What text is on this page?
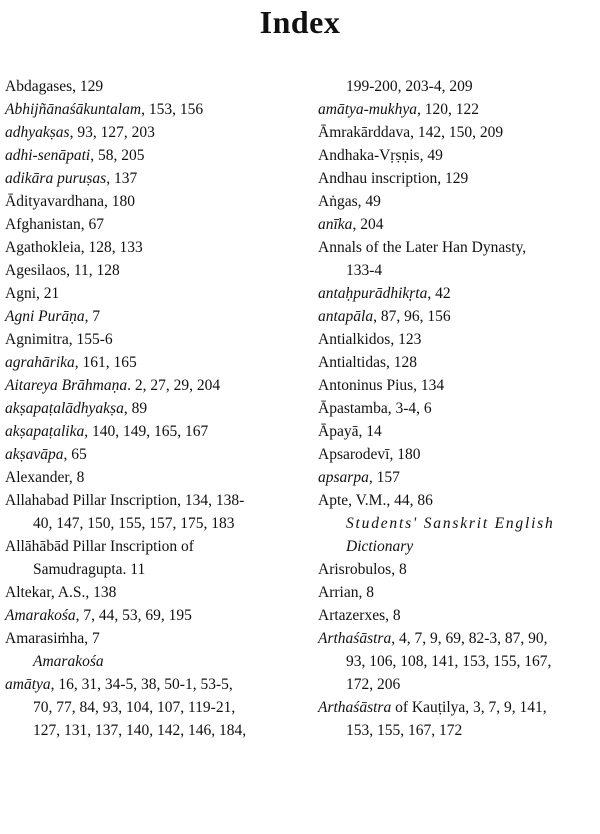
Index
Abdagases, 129
Abhijñānaśākuntalam, 153, 156
adhyakṣas, 93, 127, 203
adhi-senāpati, 58, 205
adikāra puruṣas, 137
Ādityavardhana, 180
Afghanistan, 67
Agathokleia, 128, 133
Agesilaos, 11, 128
Agni, 21
Agni Purāṇa, 7
Agnimitra, 155-6
agrahārika, 161, 165
Aitareya Brāhmaṇa. 2, 27, 29, 204
akṣapaṭalādhyakṣa, 89
akṣapaṭalika, 140, 149, 165, 167
akṣavāpa, 65
Alexander, 8
Allahabad Pillar Inscription, 134, 138-
40, 147, 150, 155, 157, 175, 183
Allāhābād Pillar Inscription of
Samudragupta. 11
Altekar, A.S., 138
Amarakośa, 7, 44, 53, 69, 195
Amarasiṁha, 7
Amarakośa
amātya, 16, 31, 34-5, 38, 50-1, 53-5,
70, 77, 84, 93, 104, 107, 119-21,
127, 131, 137, 140, 142, 146, 184,
199-200, 203-4, 209
amātya-mukhya, 120, 122
Āmrakārddava, 142, 150, 209
Andhaka-Vṛṣṇis, 49
Andhau inscription, 129
Aṅgas, 49
anīka, 204
Annals of the Later Han Dynasty,
133-4
antaḥpurādhikṛta, 42
antapāla, 87, 96, 156
Antialkidos, 123
Antialtidas, 128
Antoninus Pius, 134
Āpastamba, 3-4, 6
Āpayā, 14
Apsarodevī, 180
apsarpa, 157
Apte, V.M., 44, 86
Students' Sanskrit English
Dictionary
Arisrobulos, 8
Arrian, 8
Artazerxes, 8
Arthaśāstra, 4, 7, 9, 69, 82-3, 87, 90,
93, 106, 108, 141, 153, 155, 167,
172, 206
Arthaśāstra of Kauṭilya, 3, 7, 9, 141,
153, 155, 167, 172
